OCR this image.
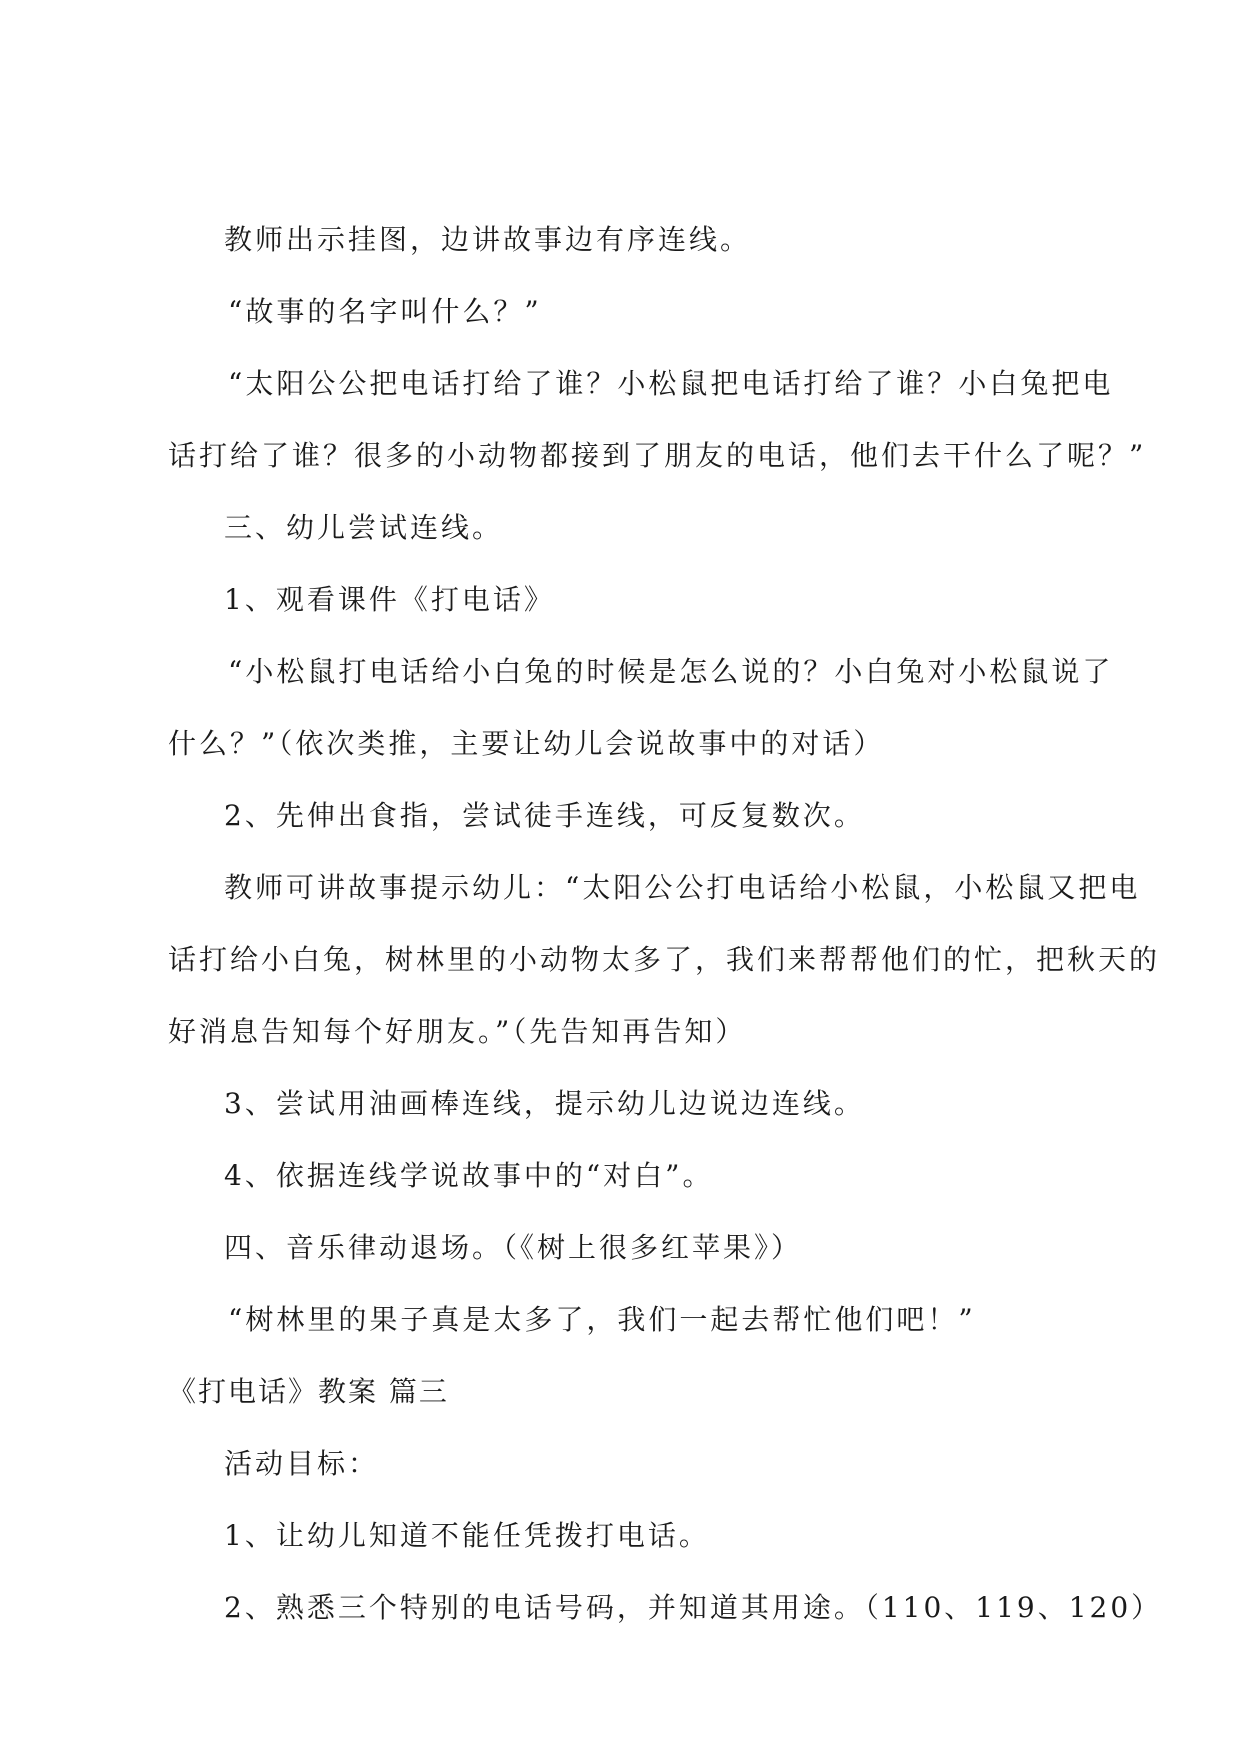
教师出示挂图，边讲故事边有序连线。
“故事的名字叫什么？”
“太阳公公把电话打给了谁？小松鼠把电话打给了谁？小白兔把电
话打给了谁？很多的小动物都接到了朋友的电话，他们去干什么了呢？”
三、幼儿尝试连线。
1、观看课件《打电话》
“小松鼠打电话给小白兔的时候是怎么说的？小白兔对小松鼠说了
什么？”（依次类推，主要让幼儿会说故事中的对话）
2、先伸出食指，尝试徒手连线，可反复数次。
教师可讲故事提示幼儿：“太阳公公打电话给小松鼠，小松鼠又把电
话打给小白兔，树林里的小动物太多了，我们来帮帮他们的忙，把秋天的
好消息告知每个好朋友。”（先告知再告知）
3、尝试用油画棒连线，提示幼儿边说边连线。
4、依据连线学说故事中的“对白”。
四、音乐律动退场。（《树上很多红苹果》）
“树林里的果子真是太多了，我们一起去帮忙他们吧！”
《打电话》教案 篇三
活动目标：
1、让幼儿知道不能任凭拨打电话。
2、熟悉三个特别的电话号码，并知道其用途。（110、119、120）
